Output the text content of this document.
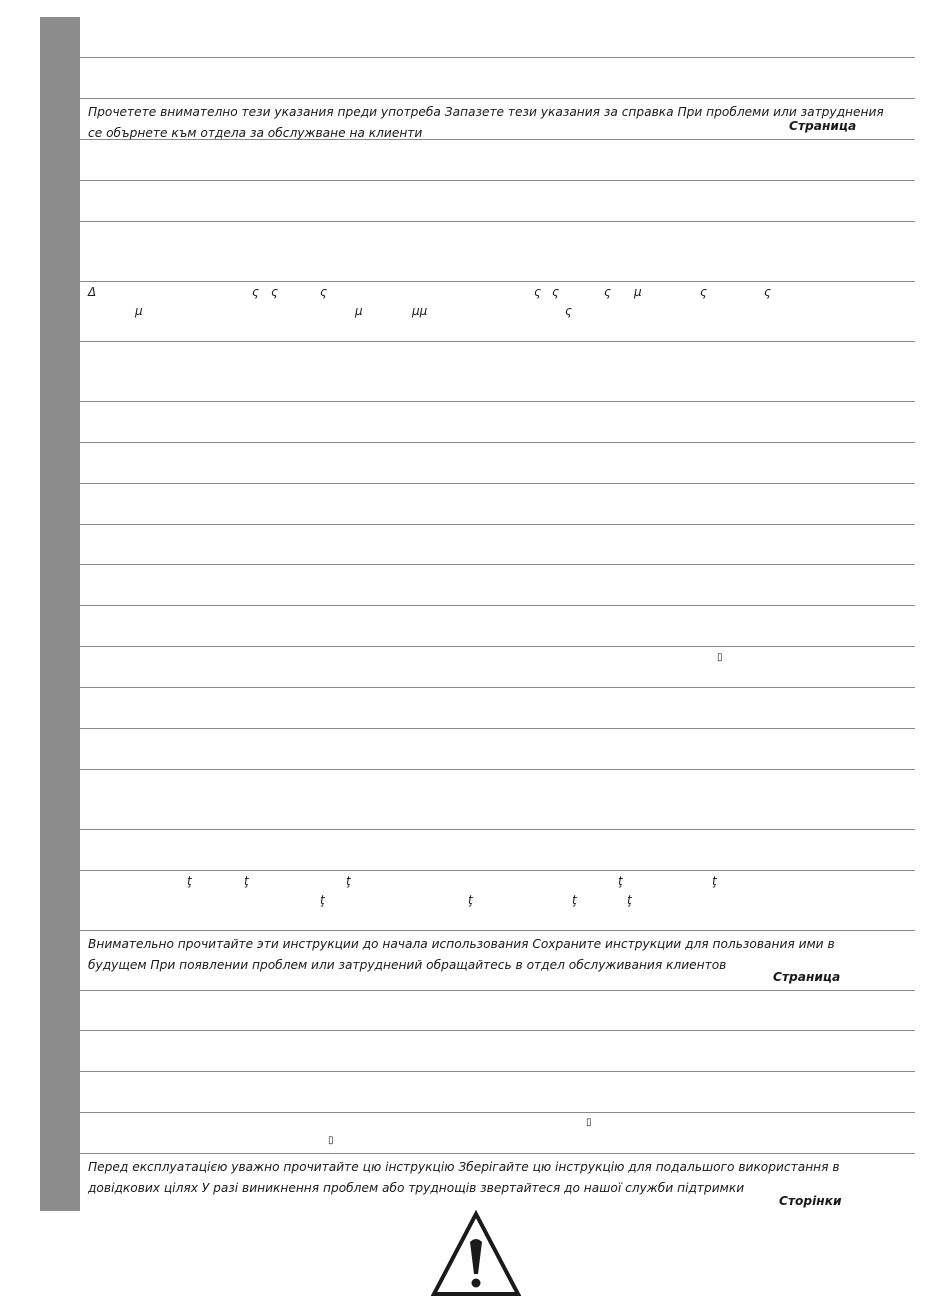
Прочетете внимателно тези указания преди употреба Запазете тези указания за справка При проблеми или затруднения се обърнете към отдела за обслужване на клиенти	Страница
Δ	ς ς	ς	ς ς	ς μ	ς	ς
μ	μ	μμ	ς
▯
ţ	ţ	ţ	ţ	ţ
ţ	ţ	ţ	ţ
Внимательно прочитайте эти инструкции до начала использования Сохраните инструкции для пользования ими в будущем При появлении проблем или затруднений обращайтесь в отдел обслуживания клиентов
Страница
▯
▯
Перед експлуатацією уважно прочитайте цю інструкцію Зберігайте цю інструкцію для подальшого використання в довідкових цілях У разі виникнення проблем або труднощів звертайтеся до нашої служби підтримки
Сторінки
